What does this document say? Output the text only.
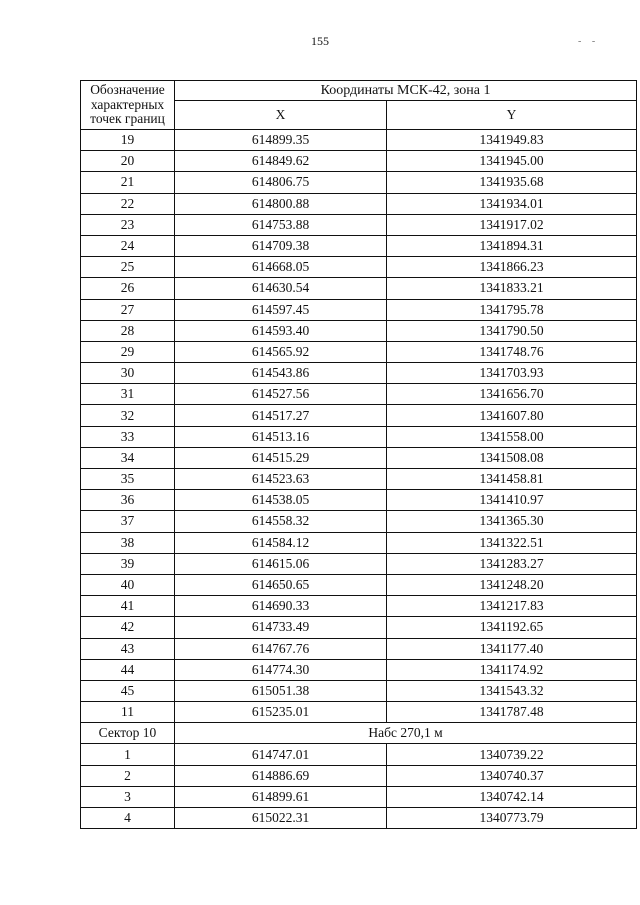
155	- -
Обозначение
характерных
точек границ	Координаты МСК-42, зона 1	
	X	Y
19	614899.35	1341949.83
20	614849.62	1341945.00
21	614806.75	1341935.68
22	614800.88	1341934.01
23	614753.88	1341917.02
24	614709.38	1341894.31
25	614668.05	1341866.23
26	614630.54	1341833.21
27	614597.45	1341795.78
28	614593.40	1341790.50
29	614565.92	1341748.76
30	614543.86	1341703.93
31	614527.56	1341656.70
32	614517.27	1341607.80
33	614513.16	1341558.00
34	614515.29	1341508.08
35	614523.63	1341458.81
36	614538.05	1341410.97
37	614558.32	1341365.30
38	614584.12	1341322.51
39	614615.06	1341283.27
40	614650.65	1341248.20
41	614690.33	1341217.83
42	614733.49	1341192.65
43	614767.76	1341177.40
44	614774.30	1341174.92
45	615051.38	1341543.32
11	615235.01	1341787.48
Сектор 10	Набс 270,1 м	
1	614747.01	1340739.22
2	614886.69	1340740.37
3	614899.61	1340742.14
4	615022.31	1340773.79
